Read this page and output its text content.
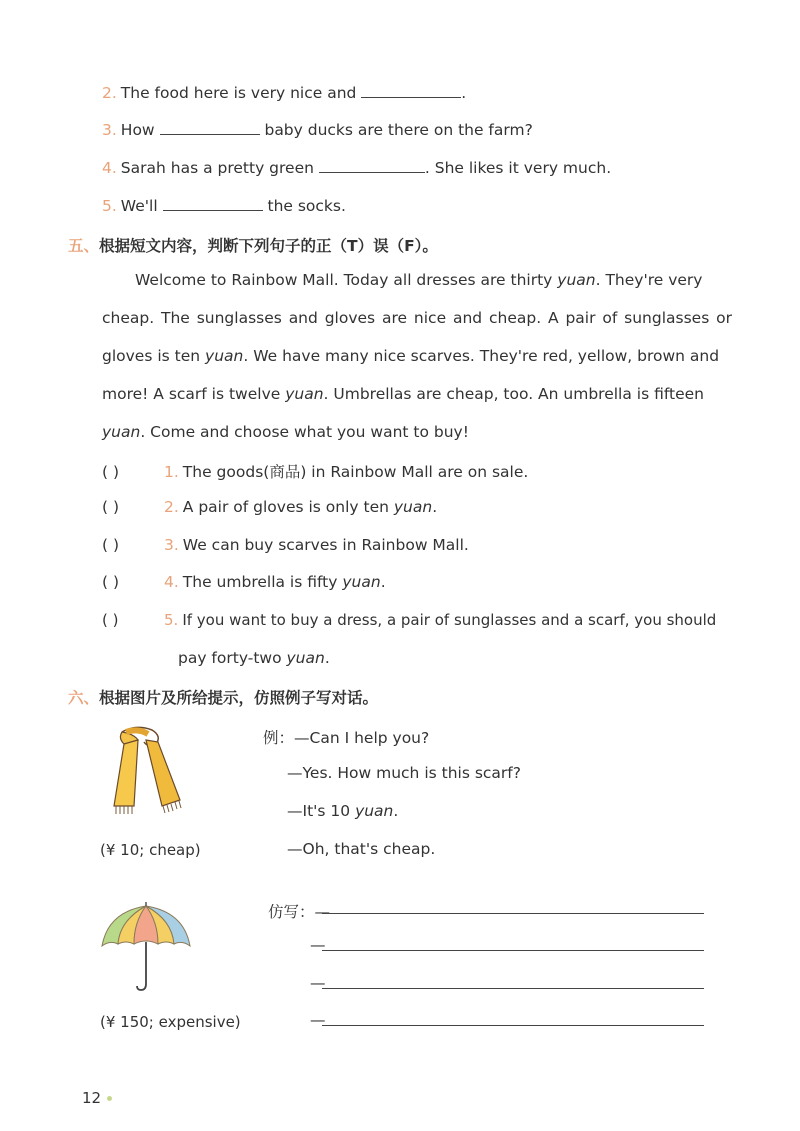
2. The food here is very nice and	.
3. How	baby ducks are there on the farm?
4. Sarah has a pretty green	. She likes it very much.
5. We'll	the socks.
五、根据短文内容，判断下列句子的正（T）误（F）。
Welcome to Rainbow Mall. Today all dresses are thirty yuan. They're very
cheap. The sunglasses and gloves are nice and cheap. A pair of sunglasses or
gloves is ten yuan. We have many nice scarves. They're red, yellow, brown and
more! A scarf is twelve yuan. Umbrellas are cheap, too. An umbrella is fifteen
yuan. Come and choose what you want to buy!
( )	1. The goods(商品) in Rainbow Mall are on sale.
( )	2. A pair of gloves is only ten yuan.
( )	3. We can buy scarves in Rainbow Mall.
( )	4. The umbrella is fifty yuan.
( )	5. If you want to buy a dress, a pair of sunglasses and a scarf, you should
pay forty-two yuan.
六、根据图片及所给提示，仿照例子写对话。
(¥ 10; cheap)
例：—Can I help you?
—Yes. How much is this scarf?
—It's 10 yuan.
—Oh, that's cheap.
(¥ 150; expensive)
仿写：—
—
—
—
12
